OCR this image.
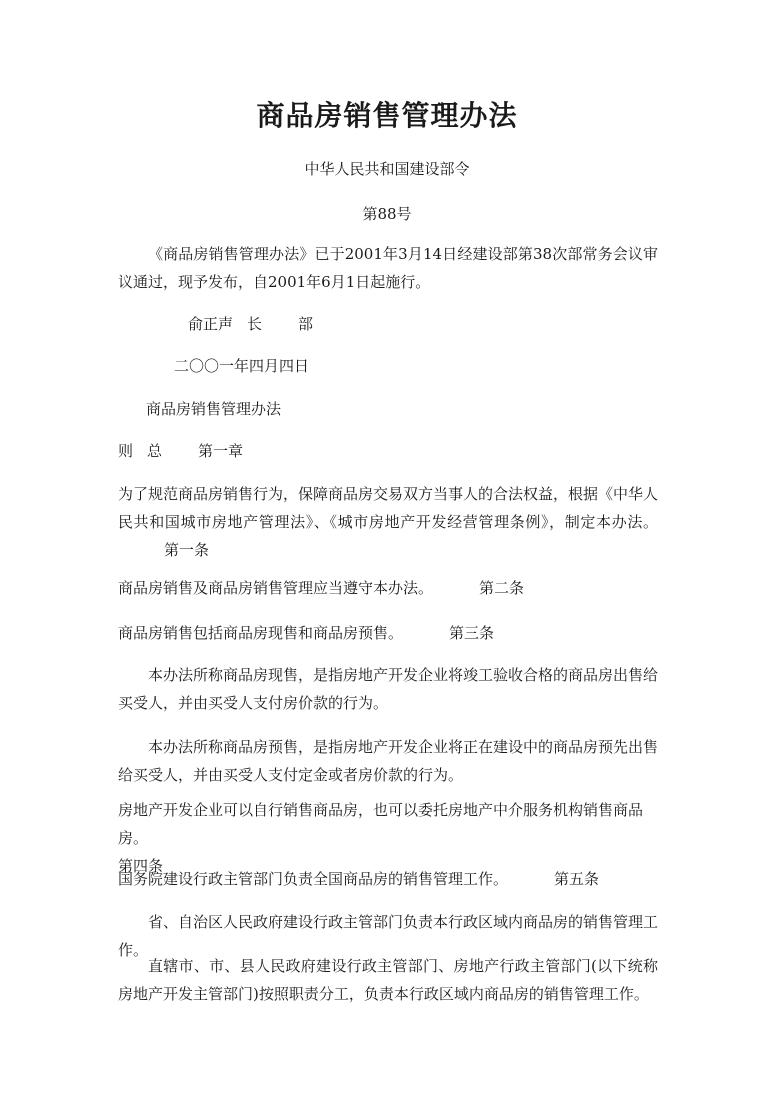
商品房销售管理办法
中华人民共和国建设部令
第88号
《商品房销售管理办法》已于2001年3月14日经建设部第38次部常务会议审议通过，现予发布，自2001年6月1日起施行。
俞正声 长 部
二〇〇一年四月四日
商品房销售管理办法
则 总 第一章
为了规范商品房销售行为，保障商品房交易双方当事人的合法权益，根据《中华人民共和国城市房地产管理法》、《城市房地产开发经营管理条例》，制定本办法。第一条
商品房销售及商品房销售管理应当遵守本办法。	第二条
商品房销售包括商品房现售和商品房预售。	第三条
本办法所称商品房现售，是指房地产开发企业将竣工验收合格的商品房出售给买受人，并由买受人支付房价款的行为。
本办法所称商品房预售，是指房地产开发企业将正在建设中的商品房预先出售给买受人，并由买受人支付定金或者房价款的行为。
房地产开发企业可以自行销售商品房，也可以委托房地产中介服务机构销售商品房。
第四条
国务院建设行政主管部门负责全国商品房的销售管理工作。	第五条
省、自治区人民政府建设行政主管部门负责本行政区域内商品房的销售管理工作。
直辖市、市、县人民政府建设行政主管部门、房地产行政主管部门(以下统称房地产开发主管部门)按照职责分工，负责本行政区域内商品房的销售管理工作。
